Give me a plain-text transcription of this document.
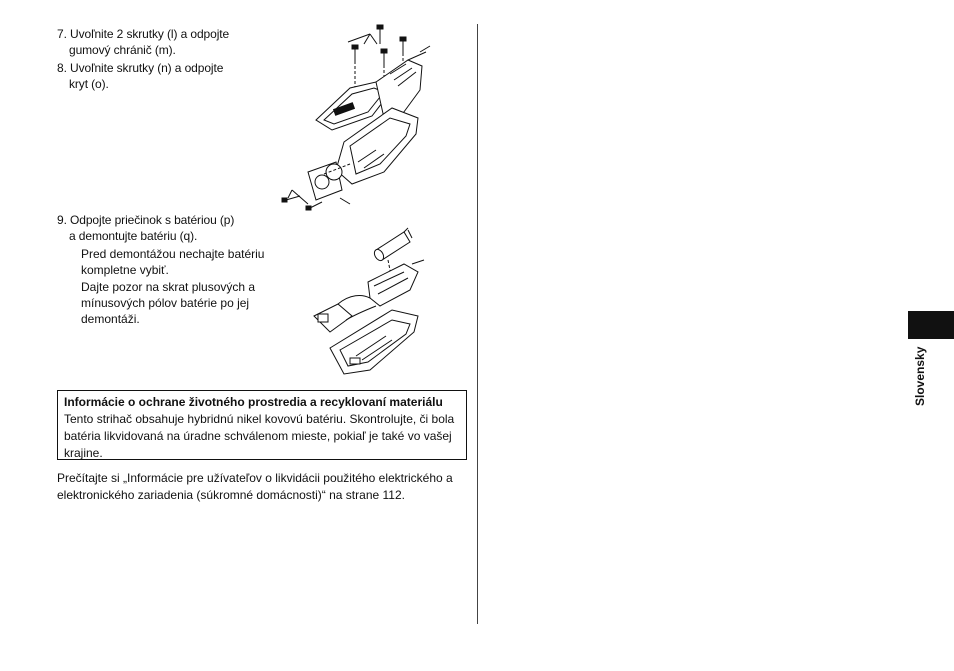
7. Uvoľnite 2 skrutky (l) a odpojte
gumový chránič (m).
8. Uvoľnite skrutky (n) a odpojte
kryt (o).
9. Odpojte priečinok s batériou (p)
a demontujte batériu (q).

Pred demontážou nechajte batériu kompletne vybiť.

Dajte pozor na skrat plusových a mínusových pólov batérie po jej demontáži.

Informácie o ochrane životného prostredia a recyklovaní materiálu
Tento strihač obsahuje hybridnú nikel kovovú batériu. Skontrolujte, či bola batéria likvidovaná na úradne schválenom mieste, pokiaľ je také vo vašej krajine.
Prečítajte si „Informácie pre užívateľov o likvidácii použitého elektrického a elektronického zariadenia (súkromné domácnosti)“ na strane 112.
Slovensky
